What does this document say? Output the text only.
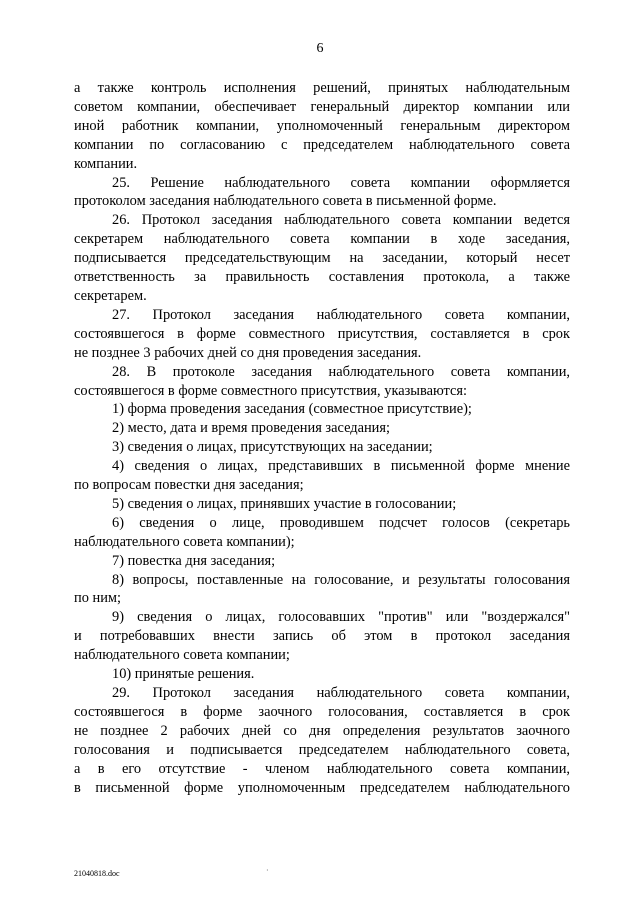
6

а также контроль исполнения решений, принятых наблюдательным

советом компании, обеспечивает генеральный директор компании или

иной работник компании, уполномоченный генеральным директором

компании по согласованию с председателем наблюдательного совета

компании.

25. Решение наблюдательного совета компании оформляется

протоколом заседания наблюдательного совета в письменной форме.

26. Протокол заседания наблюдательного совета компании ведется

секретарем наблюдательного совета компании в ходе заседания,

подписывается председательствующим на заседании, который несет

ответственность за правильность составления протокола, а также

секретарем.

27. Протокол заседания наблюдательного совета компании,

состоявшегося в форме совместного присутствия, составляется в срок

не позднее 3 рабочих дней со дня проведения заседания.

28. В протоколе заседания наблюдательного совета компании,

состоявшегося в форме совместного присутствия, указываются:

1) форма проведения заседания (совместное присутствие);

2) место, дата и время проведения заседания;

3) сведения о лицах, присутствующих на заседании;

4) сведения о лицах, представивших в письменной форме мнение

по вопросам повестки дня заседания;

5) сведения о лицах, принявших участие в голосовании;

6) сведения о лице, проводившем подсчет голосов (секретарь

наблюдательного совета компании);

7) повестка дня заседания;

8) вопросы, поставленные на голосование, и результаты голосования

по ним;

9) сведения о лицах, голосовавших "против" или "воздержался"

и потребовавших внести запись об этом в протокол заседания

наблюдательного совета компании;

10) принятые решения.

29. Протокол заседания наблюдательного совета компании,

состоявшегося в форме заочного голосования, составляется в срок

не позднее 2 рабочих дней со дня определения результатов заочного

голосования и подписывается председателем наблюдательного совета,

а в его отсутствие - членом наблюдательного совета компании,

в письменной форме уполномоченным председателем наблюдательного

·
21040818.doc
